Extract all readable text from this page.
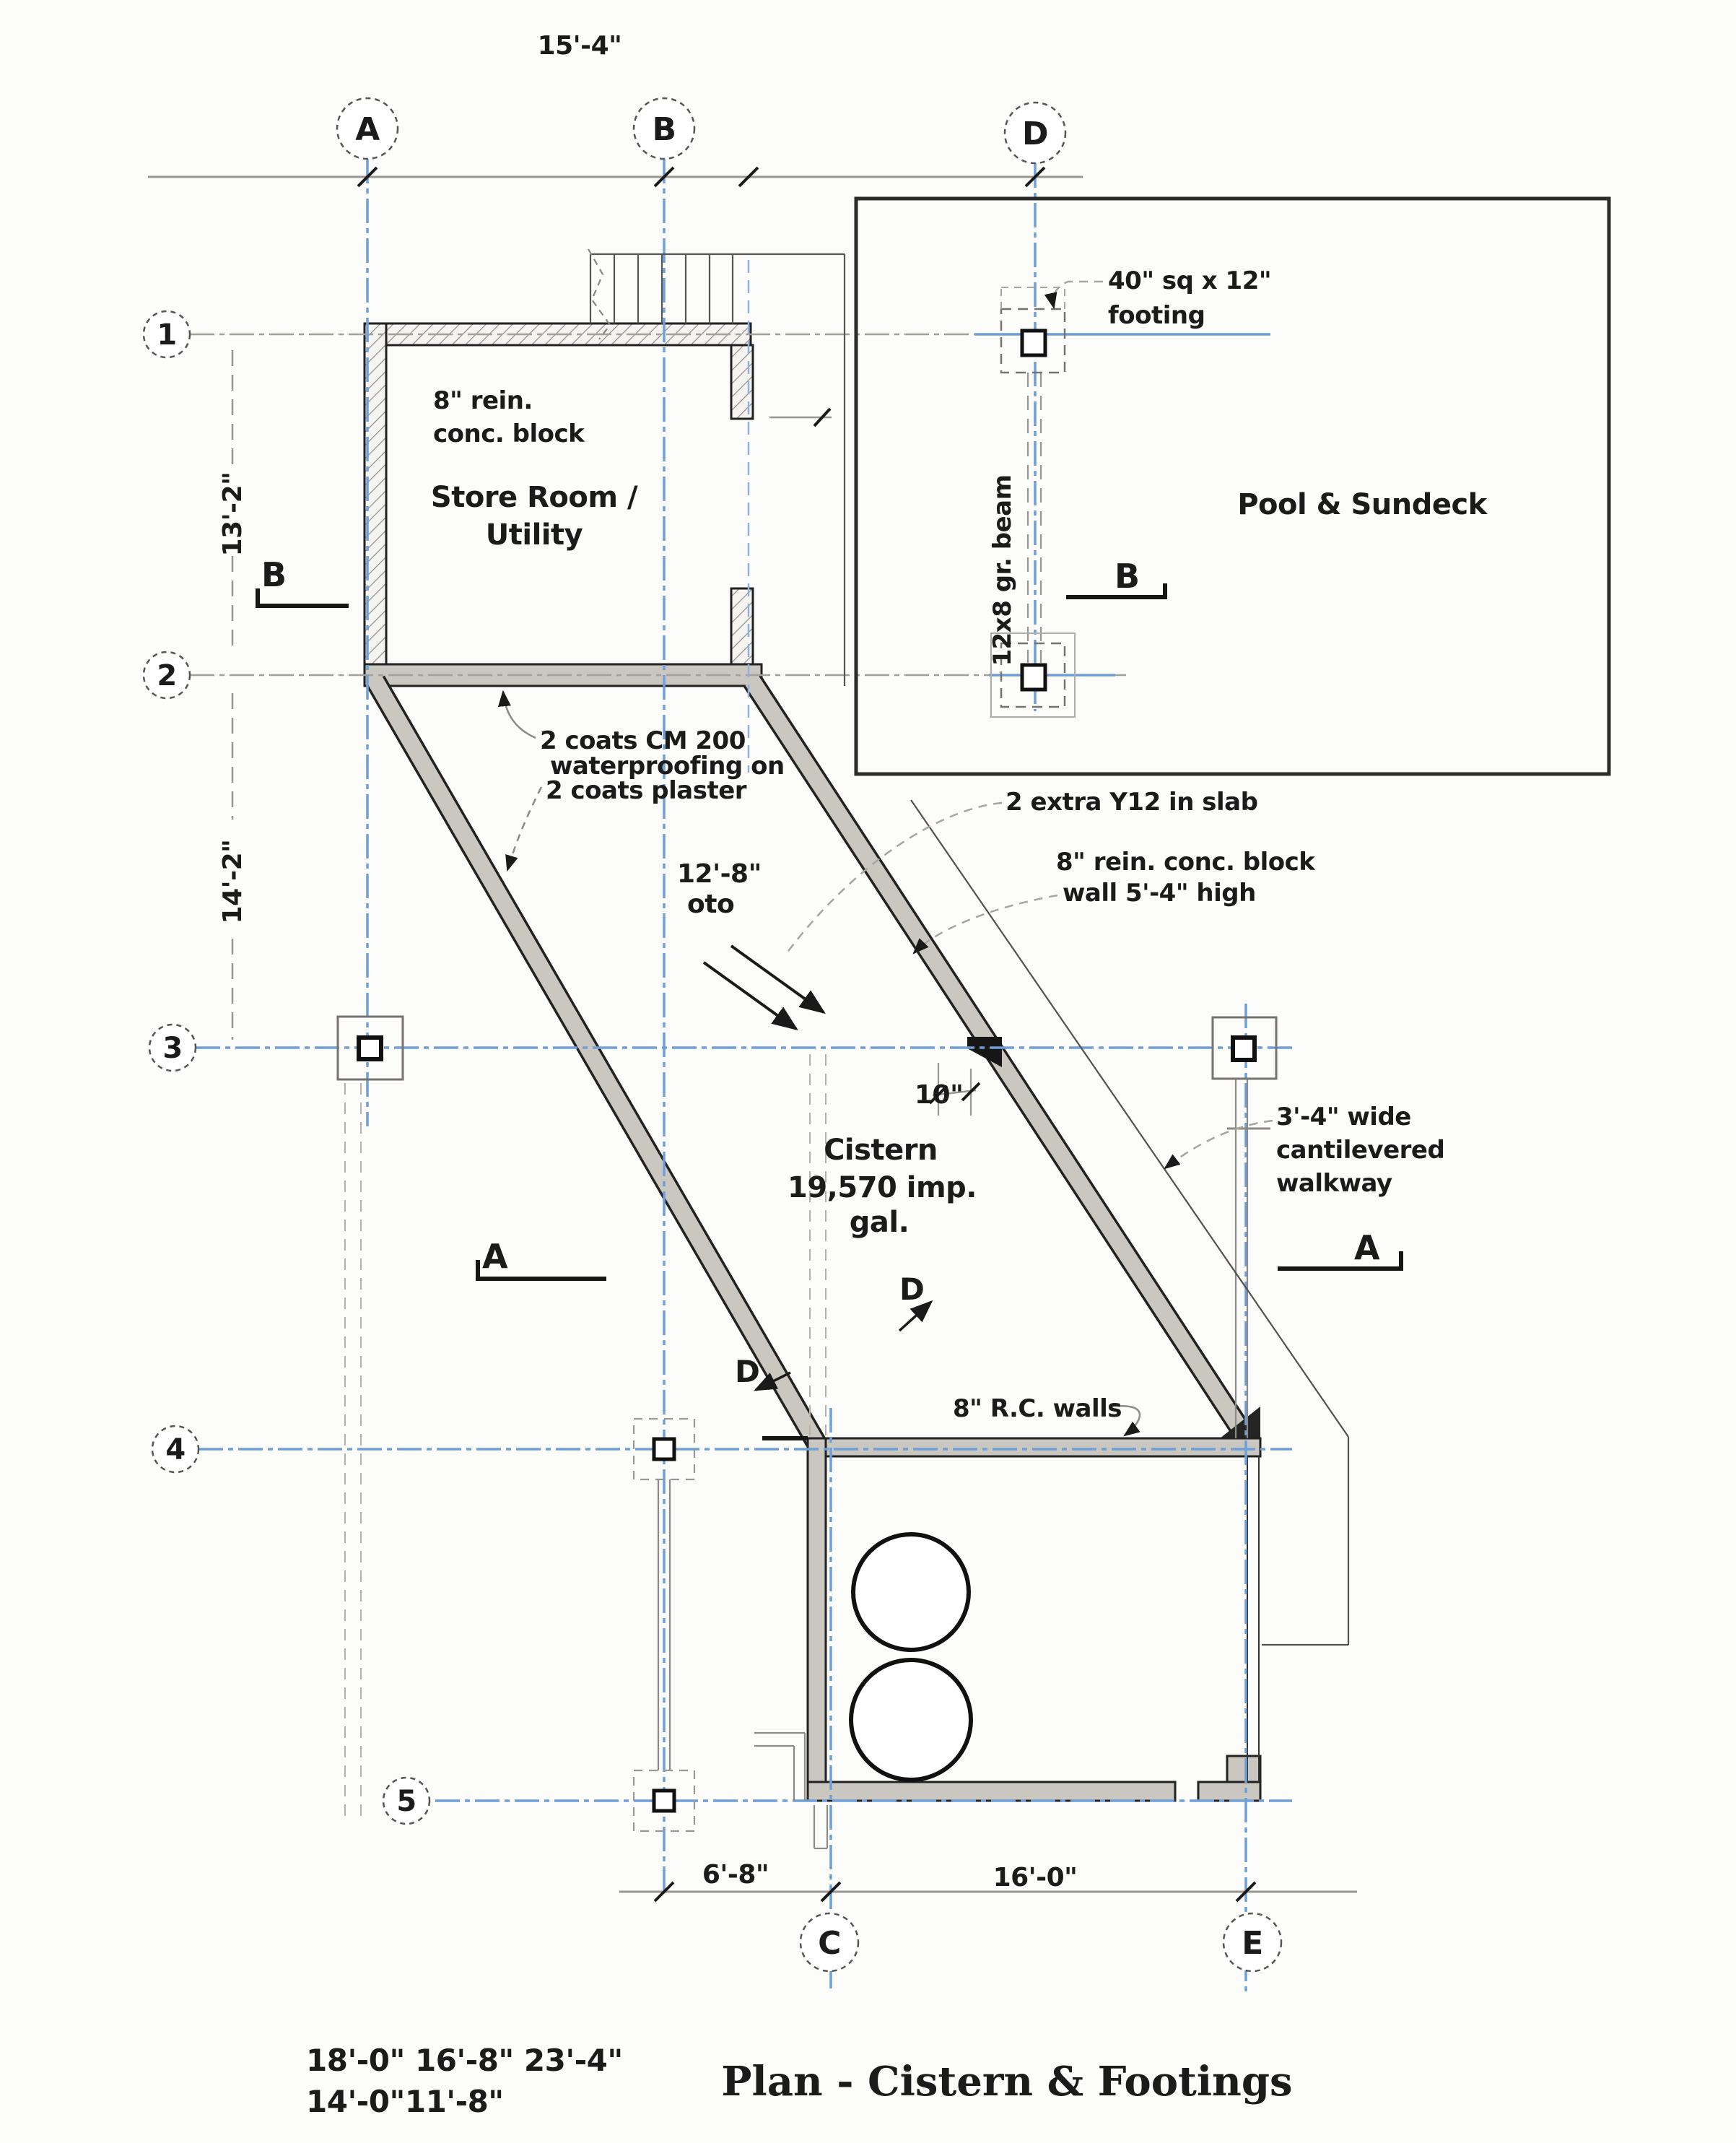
A	B	D
C	E
1
2
3
4
5
15'-4"
13'-2"
14'-2"
6'-8"	16'-0"
12'-8"
oto
10"
Store Room /
Utility
Pool & Sundeck
Cistern
19,570 imp.
gal.
8" rein.
conc. block
40" sq x 12"
footing
12x8 gr. beam
2 coats CM 200
waterproofing on
2 coats plaster	2 extra Y12 in slab
8" rein. conc. block
wall 5'-4" high
3'-4" wide
cantilevered
walkway
8" R.C. walls
B	B
A	A
D
D
18'-0" 16'-8" 23'-4"
14'-0"11'-8"	Plan - Cistern & Footings
